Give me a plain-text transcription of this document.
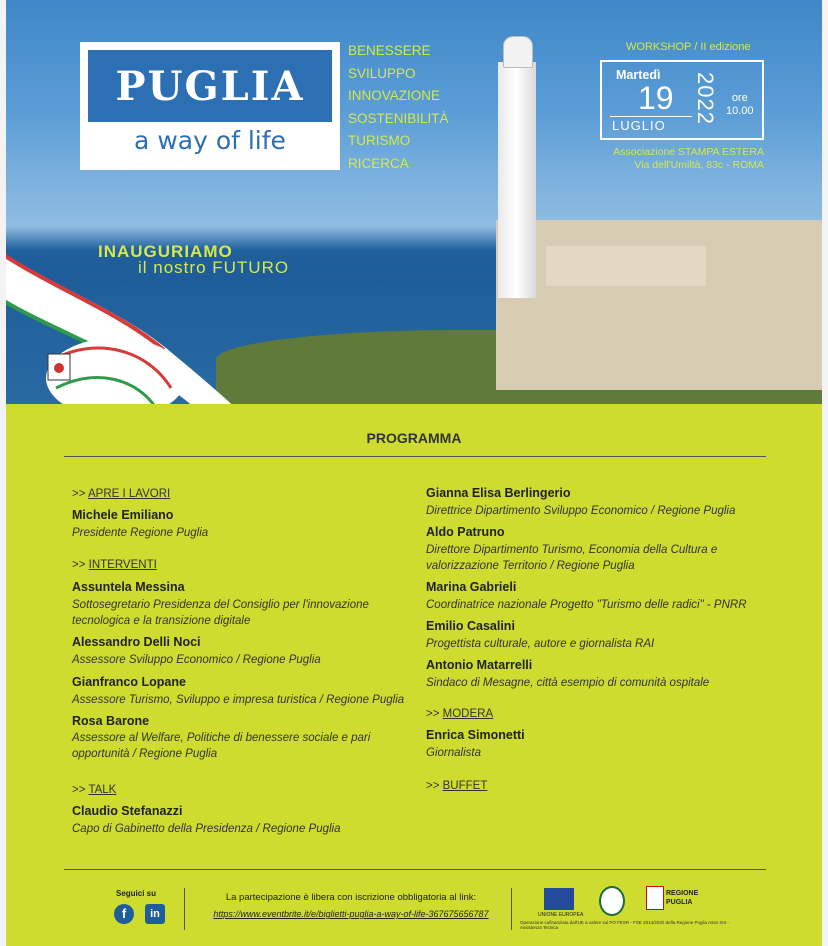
PUGLIA
a way of life
BENESSERE
SVILUPPO
INNOVAZIONE
SOSTENIBILITÀ
TURISMO
RICERCA
WORKSHOP / II edizione
Martedì
19
LUGLIO
2022	ore
10.00
Associazione STAMPA ESTERA
Via dell'Umiltà, 83c - ROMA
INAUGURIAMO
il nostro FUTURO
PROGRAMMA
>> APRE I LAVORI
Michele Emiliano
Presidente Regione Puglia
>> INTERVENTI
Assuntela Messina
Sottosegretario Presidenza del Consiglio per l'innovazione tecnologica e la transizione digitale
Alessandro Delli Noci
Assessore Sviluppo Economico / Regione Puglia
Gianfranco Lopane
Assessore Turismo, Sviluppo e impresa turistica / Regione Puglia
Rosa Barone
Assessore al Welfare, Politiche di benessere sociale e pari opportunità / Regione Puglia
>> TALK
Claudio Stefanazzi
Capo di Gabinetto della Presidenza / Regione Puglia
Gianna Elisa Berlingerio
Direttrice Dipartimento Sviluppo Economico / Regione Puglia
Aldo Patruno
Direttore Dipartimento Turismo, Economia della Cultura e valorizzazione Territorio / Regione Puglia
Marina Gabrieli
Coordinatrice nazionale Progetto "Turismo delle radici" - PNRR
Emilio Casalini
Progettista culturale, autore e giornalista RAI
Antonio Matarrelli
Sindaco di Mesagne, città esempio di comunità ospitale
>> MODERA
Enrica Simonetti
Giornalista
>> BUFFET
Seguici su
f	in
La partecipazione è libera con iscrizione obbligatoria al link:
https://www.eventbrite.it/e/biglietti-puglia-a-way-of-life-367675656787	UNIONE EUROPEA
Operazione cofinanziata dall'UE a valere sul PO FESR - FSE 2014/2020 della Regione Puglia Asse XIII - Assistenza Tecnica
REGIONE
PUGLIA
